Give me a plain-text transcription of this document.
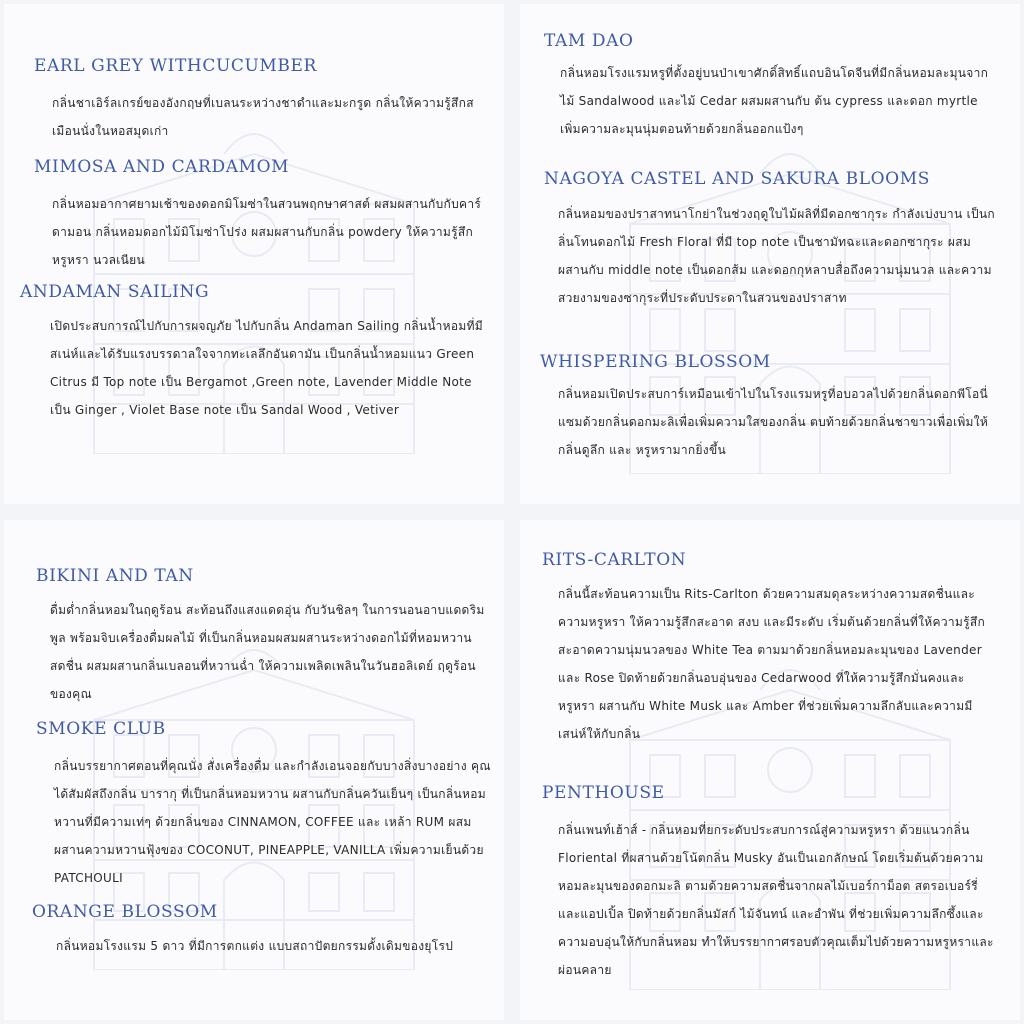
EARL GREY WITHCUCUMBER

กลิ่นชาเอิร์ลเกรย์ของอังกฤษที่เบลนระหว่างชาดำและมะกรูด กลิ่นให้ความรู้สึกสเมือนนั่งในหอสมุดเก่า

MIMOSA AND CARDAMOM

กลิ่นหอมอากาศยามเช้าของดอกมิโมซ่าในสวนพฤกษาศาสต์ ผสมผสานกับกับคาร์ดามอน กลิ่นหอมดอกไม้มิโมซ่าโปร่ง ผสมผสานกับกลิ่น powdery ให้ความรู้สึกหรูหรา นวลเนียน

ANDAMAN SAILING

เปิดประสบการณ์ไปกับการผจญภัย ไปกับกลิ่น Andaman Sailing กลิ่นน้ำหอมที่มีสเน่ห์และได้รับแรงบรรดาลใจจากทะเลลึกอันดามัน เป็นกลิ่นน้ำหอมแนว Green Citrus มี Top note เป็น Bergamot ,Green note, Lavender Middle Note เป็น Ginger , Violet Base note เป็น Sandal Wood , Vetiver

TAM DAO

กลิ่นหอมโรงแรมหรูที่ตั้งอยู่บนป่าเขาศักดิ์สิทธิ์แถบอินโดจีนที่มีกลิ่นหอมละมุนจาก ไม้ Sandalwood และไม้ Cedar ผสมผสานกับ ต้น cypress และดอก myrtle เพิ่มความละมุนนุ่มตอนท้ายด้วยกลิ่นออกแป้งๆ

NAGOYA CASTEL AND SAKURA BLOOMS

กลิ่นหอมของปราสาทนาโกย่าในช่วงฤดูใบไม้ผลิที่มีดอกซากุระ กำลังเบ่งบาน เป็นกลิ่นโทนดอกไม้ Fresh Floral ที่มี top note เป็นชามัทฉะและดอกซากุระ ผสมผสานกับ middle note เป็นดอกส้ม และดอกกุหลาบสื่อถึงความนุ่มนวล และความสวยงามของซากุระที่ประดับประดาในสวนของปราสาท

WHISPERING BLOSSOM

กลิ่นหอมเปิดประสบการ์เหมือนเข้าไปในโรงแรมหรูที่อบอวลไปด้วยกลิ่นดอกพีโอนี่ แซมด้วยกลิ่นดอกมะลิเพื่อเพิ่มความใสของกลิ่น ตบท้ายด้วยกลิ่นชาขาวเพื่อเพิ่มให้กลิ่นดูลึก และ หรูหรามากยิ่งขึ้น

BIKINI AND TAN

ดื่มด่ำกลิ่นหอมในฤดูร้อน สะท้อนถึงแสงแดดอุ่น กับวันชิลๆ ในการนอนอาบแดดริมพูล พร้อมจิบเครื่องดื่มผลไม้ ที่เป็นกลิ่นหอมผสมผสานระหว่างดอกไม้ที่หอมหวาน สดชื่น ผสมผสานกลิ่นเบลอนที่หวานฉ่ำ ให้ความเพลิดเพลินในวันฮอลิเดย์ ฤดูร้อนของคุณ

SMOKE CLUB

กลิ่นบรรยากาศตอนที่คุณนั่ง สั่งเครื่องดื่ม และกำลังเอนจอยกับบางสิ่งบางอย่าง คุณได้สัมผัสถึงกลิ่น บารากุ ที่เป็นกลิ่นหอมหวาน ผสานกับกลิ่นควันเย็นๆ เป็นกลิ่นหอมหวานที่มีความเท่ๆ ด้วยกลิ่นของ CINNAMON, COFFEE และ เหล้า RUM ผสมผสานความหวานฟุ้งของ COCONUT, PINEAPPLE, VANILLA เพิ่มความเย็นด้วย PATCHOULI

ORANGE BLOSSOM

กลิ่นหอมโรงแรม 5 ดาว ที่มีการตกแต่ง แบบสถาปัตยกรรมดั้งเดิมของยุโรป

RITS-CARLTON

กลิ่นนี้สะท้อนความเป็น Rits-Carlton ด้วยความสมดุลระหว่างความสดชื่นและความหรูหรา ให้ความรู้สึกสะอาด สงบ และมีระดับ เริ่มต้นด้วยกลิ่นที่ให้ความรู้สึกสะอาดความนุ่มนวลของ White Tea ตามมาด้วยกลิ่นหอมละมุนของ Lavender และ Rose ปิดท้ายด้วยกลิ่นอบอุ่นของ Cedarwood ที่ให้ความรู้สึกมั่นคงและหรูหรา ผสานกับ White Musk และ Amber ที่ช่วยเพิ่มความลึกลับและความมีเสน่ห์ให้กับกลิ่น

PENTHOUSE

กลิ่นเพนท์เฮ้าส์ - กลิ่นหอมที่ยกระดับประสบการณ์สู่ความหรูหรา ด้วยแนวกลิ่น Floriental ที่ผสานด้วยโน้ตกลิ่น Musky อันเป็นเอกลักษณ์ โดยเริ่มต้นด้วยความหอมละมุนของดอกมะลิ ตามด้วยความสดชื่นจากผลไม้เบอร์กาม็อต สตรอเบอร์รี่ และแอปเปิ้ล ปิดท้ายด้วยกลิ่นมัสก์ ไม้จันทน์ และอำพัน ที่ช่วยเพิ่มความลึกซึ้งและความอบอุ่นให้กับกลิ่นหอม ทำให้บรรยากาศรอบตัวคุณเต็มไปด้วยความหรูหราและผ่อนคลาย
